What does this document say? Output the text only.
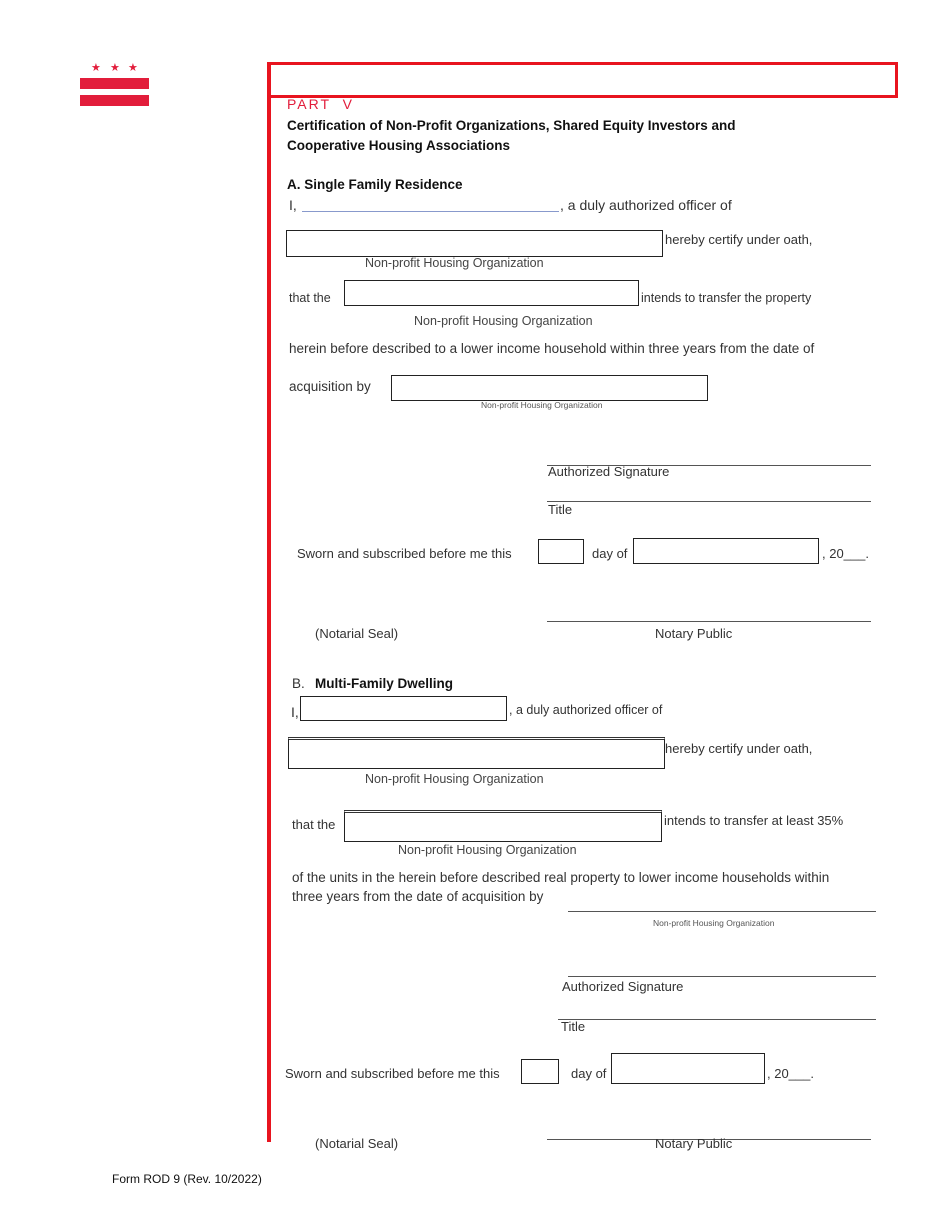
★ ★ ★
PART V
Certification of Non-Profit Organizations, Shared Equity Investors and
Cooperative Housing Associations
A. Single Family Residence
I,	, a duly authorized officer of
hereby certify under oath,
Non-profit Housing Organization
that the	intends to transfer the property
Non-profit Housing Organization
herein before described to a lower income household within three years from the date of
acquisition by
Non-profit Housing Organization
Authorized Signature
Title
Sworn and subscribed before me this	day of	, 20___.
(Notarial Seal)	Notary Public
B. Multi-Family Dwelling
I,	, a duly authorized officer of
hereby certify under oath,
Non-profit Housing Organization
that the	intends to transfer at least 35%
Non-profit Housing Organization
of the units in the herein before described real property to lower income households within
three years from the date of acquisition by
Non-profit Housing Organization
Authorized Signature
Title
Sworn and subscribed before me this	day of	, 20___.
(Notarial Seal)	Notary Public
Form ROD 9 (Rev. 10/2022)
